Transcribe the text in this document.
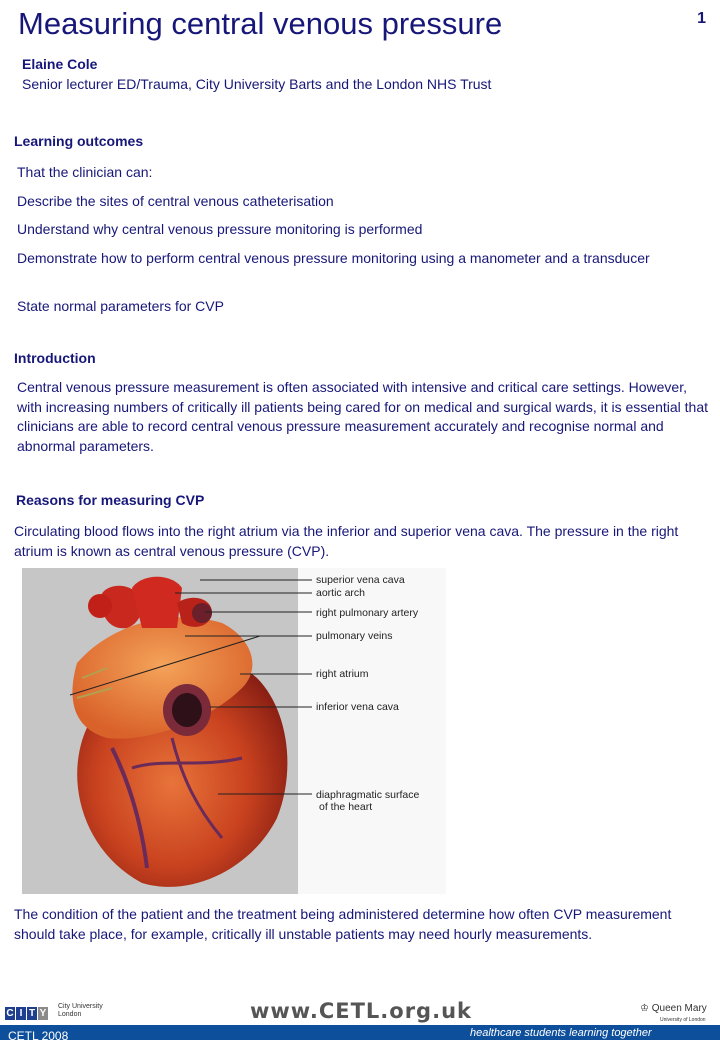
Measuring central venous pressure	1
Elaine Cole
Senior lecturer ED/Trauma, City University Barts and the London NHS Trust
Learning outcomes
That the clinician can:
Describe the sites of central venous catheterisation
Understand why central venous pressure monitoring is performed
Demonstrate how to perform central venous pressure monitoring using a manometer and a transducer
State normal parameters for CVP
Introduction
Central venous pressure measurement is often associated with intensive and critical care settings. However, with increasing numbers of critically ill patients being cared for on medical and surgical wards, it is essential that clinicians are able to record central venous pressure measurement accurately and recognise normal and abnormal parameters.
Reasons for measuring CVP
Circulating blood flows into the right atrium via the inferior and superior vena cava. The pressure in the right atrium is known as central venous pressure (CVP).
superior vena cava
aortic arch
right pulmonary artery
pulmonary veins
right atrium
inferior vena cava
diaphragmatic surface
of the heart
The condition of the patient and the treatment being administered determine how often CVP measurement should take place, for example, critically ill unstable patients may need hourly measurements.
C I T Y
City University
London	www.CETL.org.uk	♔ Queen Mary
University of London
CETL 2008	healthcare students learning together
